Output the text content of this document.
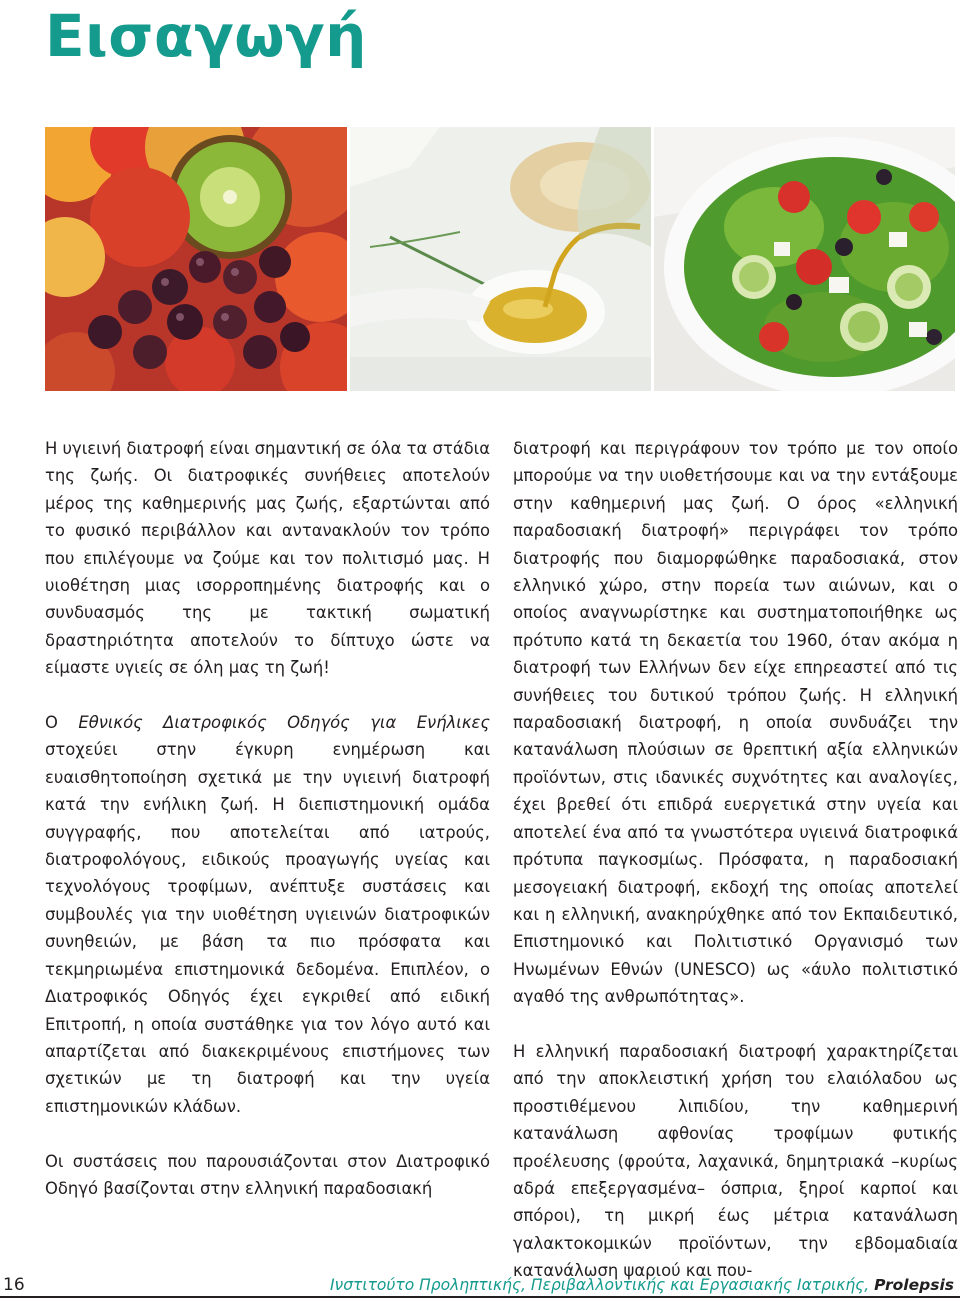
Εισαγωγή

Η υγιεινή διατροφή είναι σημαντική σε όλα τα στάδια της ζωής. Οι διατροφικές συνήθειες αποτελούν μέρος της καθημερινής μας ζωής, εξαρτώνται από το φυσικό περιβάλλον και αντανακλούν τον τρόπο που επιλέγουμε να ζούμε και τον πολιτισμό μας. Η υιοθέτηση μιας ισορροπημένης διατροφής και ο συνδυασμός της με τακτική σωματική δραστηριότητα αποτελούν το δίπτυχο ώστε να είμαστε υγιείς σε όλη μας τη ζωή!

Ο Εθνικός Διατροφικός Οδηγός για Ενήλικες στοχεύει στην έγκυρη ενημέρωση και ευαισθητοποίηση σχετικά με την υγιεινή διατροφή κατά την ενήλικη ζωή. Η διεπιστημονική ομάδα συγγραφής, που αποτελείται από ιατρούς, διατροφολόγους, ειδικούς προαγωγής υγείας και τεχνολόγους τροφίμων, ανέπτυξε συστάσεις και συμβουλές για την υιοθέτηση υγιεινών διατροφικών συνηθειών, με βάση τα πιο πρόσφατα και τεκμηριωμένα επιστημονικά δεδομένα. Επιπλέον, ο Διατροφικός Οδηγός έχει εγκριθεί από ειδική Επιτροπή, η οποία συστάθηκε για τον λόγο αυτό και απαρτίζεται από διακεκριμένους επιστήμονες των σχετικών με τη διατροφή και την υγεία επιστημονικών κλάδων.

Οι συστάσεις που παρουσιάζονται στον Διατροφικό Οδηγό βασίζονται στην ελληνική παραδοσιακή

διατροφή και περιγράφουν τον τρόπο με τον οποίο μπορούμε να την υιοθετήσουμε και να την εντάξουμε στην καθημερινή μας ζωή. Ο όρος «ελληνική παραδοσιακή διατροφή» περιγράφει τον τρόπο διατροφής που διαμορφώθηκε παραδοσιακά, στον ελληνικό χώρο, στην πορεία των αιώνων, και ο οποίος αναγνωρίστηκε και συστηματοποιήθηκε ως πρότυπο κατά τη δεκαετία του 1960, όταν ακόμα η διατροφή των Ελλήνων δεν είχε επηρεαστεί από τις συνήθειες του δυτικού τρόπου ζωής. Η ελληνική παραδοσιακή διατροφή, η οποία συνδυάζει την κατανάλωση πλούσιων σε θρεπτική αξία ελληνικών προϊόντων, στις ιδανικές συχνότητες και αναλογίες, έχει βρεθεί ότι επιδρά ευεργετικά στην υγεία και αποτελεί ένα από τα γνωστότερα υγιεινά διατροφικά πρότυπα παγκοσμίως. Πρόσφατα, η παραδοσιακή μεσογειακή διατροφή, εκδοχή της οποίας αποτελεί και η ελληνική, ανακηρύχθηκε από τον Εκπαιδευτικό, Επιστημονικό και Πολιτιστικό Οργανισμό των Ηνωμένων Εθνών (UNESCO) ως «άυλο πολιτιστικό αγαθό της ανθρωπότητας».

Η ελληνική παραδοσιακή διατροφή χαρακτηρίζεται από την αποκλειστική χρήση του ελαιόλαδου ως προστιθέμενου λιπιδίου, την καθημερινή κατανάλωση αφθονίας τροφίμων φυτικής προέλευσης (φρούτα, λαχανικά, δημητριακά –κυρίως αδρά επεξεργασμένα– όσπρια, ξηροί καρποί και σπόροι), τη μικρή έως μέτρια κατανάλωση γαλακτοκομικών προϊόντων, την εβδομαδιαία κατανάλωση ψαριού και που-

16	Ινστιτούτο Προληπτικής, Περιβαλλοντικής και Εργασιακής Ιατρικής, Prolepsis
